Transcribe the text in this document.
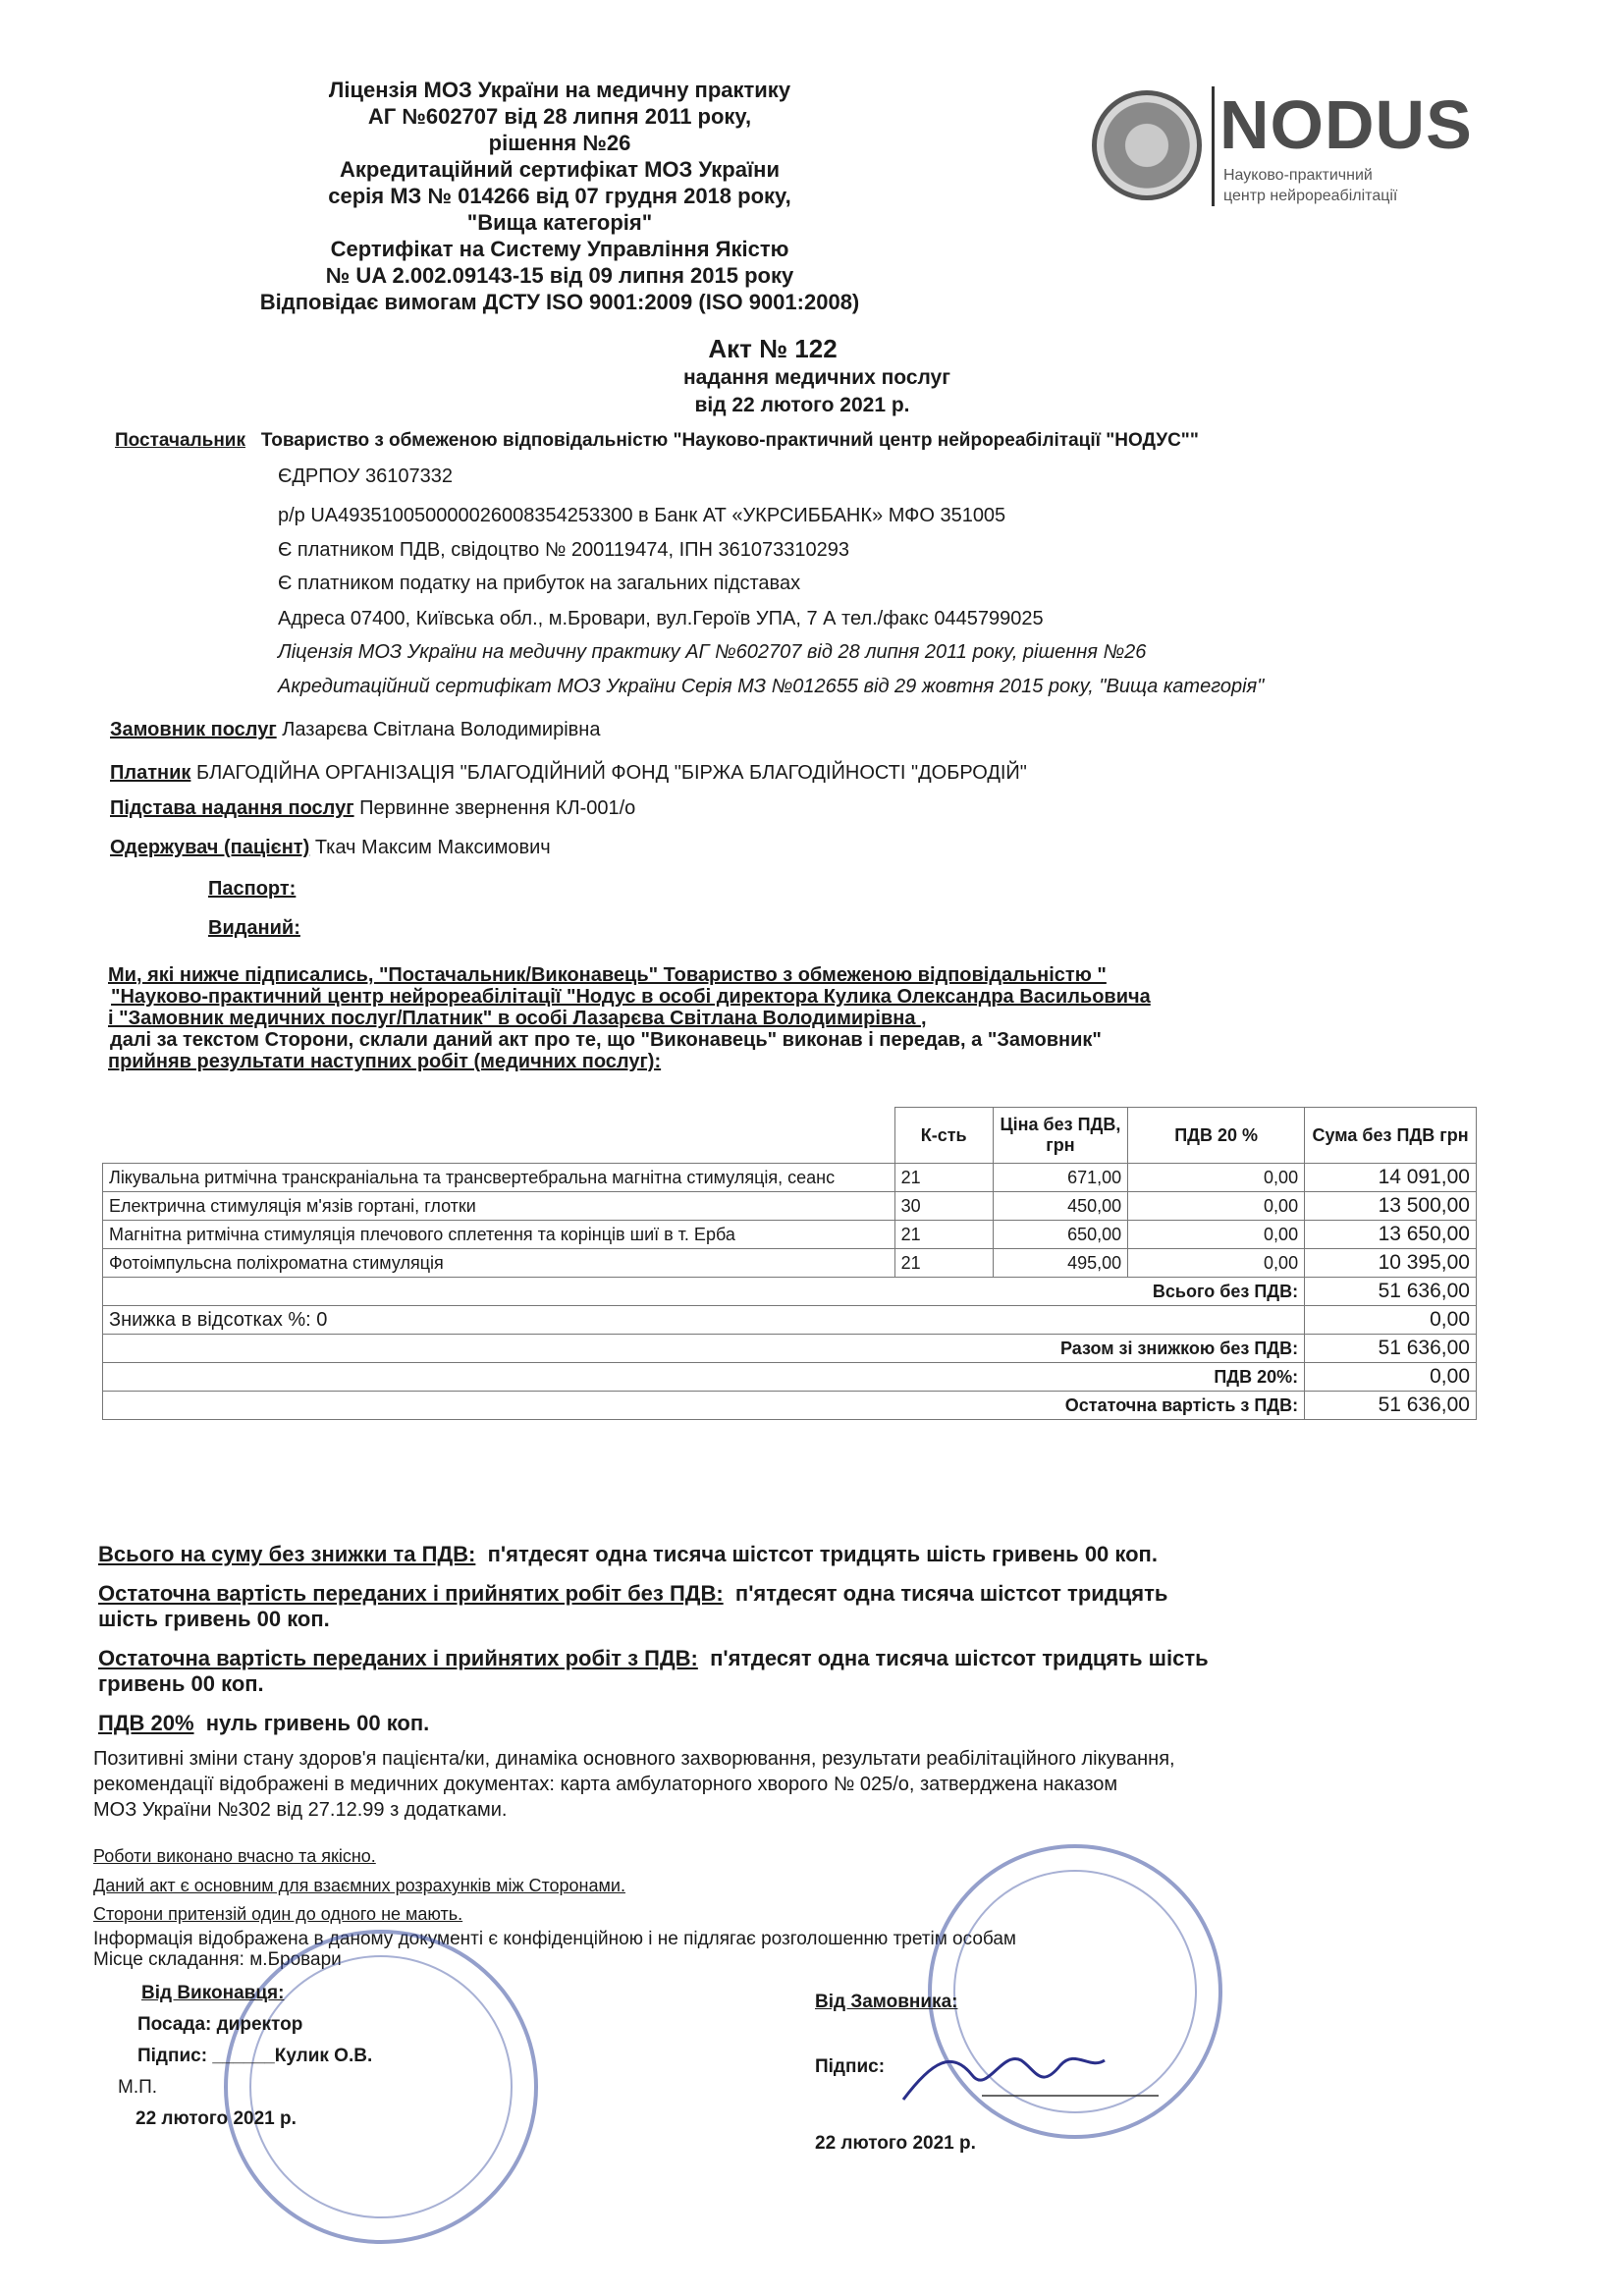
Ліцензія МОЗ України на медичну практику
АГ №602707 від 28 липня 2011 року,
рішення №26
Акредитаційний сертифікат МОЗ України
серія МЗ № 014266 від 07 грудня 2018 року,
"Вища категорія"
Сертифікат на Систему Управління Якістю
№ UA 2.002.09143-15 від 09 липня 2015 року
Відповідає вимогам ДСТУ ISO 9001:2009 (ISO 9001:2008)
NODUS
Науково-практичний
центр нейрореабілітації
Акт № 122
надання медичних послуг
від 22 лютого 2021 р.
Постачальник Товариство з обмеженою відповідальністю "Науково-практичний центр нейрореабілітації "НОДУС""
ЄДРПОУ 36107332
р/р UA493510050000026008354253300 в Банк АТ «УКРСИББАНК» МФО 351005
Є платником ПДВ, свідоцтво № 200119474, ІПН 361073310293
Є платником податку на прибуток на загальних підставах
Адреса 07400, Київська обл., м.Бровари, вул.Героїв УПА, 7 А тел./факс 0445799025
Ліцензія МОЗ України на медичну практику АГ №602707 від 28 липня 2011 року, рішення №26
Акредитаційний сертифікат МОЗ України Серія МЗ №012655 від 29 жовтня 2015 року, "Вища категорія"
Замовник послуг Лазарєва Світлана Володимирівна
Платник БЛАГОДІЙНА ОРГАНІЗАЦІЯ "БЛАГОДІЙНИЙ ФОНД "БІРЖА БЛАГОДІЙНОСТІ "ДОБРОДІЙ"
Підстава надання послуг Первинне звернення КЛ-001/о
Одержувач (пацієнт) Ткач Максим Максимович
Паспорт:
Виданий:
Ми, які нижче підписались, "Постачальник/Виконавець" Товариство з обмеженою відповідальністю "
"Науково-практичний центр нейрореабілітації "Нодус в особі директора Кулика Олександра Васильовича
і "Замовник медичних послуг/Платник" в особі Лазарєва Світлана Володимирівна ,
далі за текстом Сторони, склали даний акт про те, що "Виконавець" виконав і передав, а "Замовник"
прийняв результати наступних робіт (медичних послуг):
	К-сть	Ціна без ПДВ, грн	ПДВ 20 %	Сума без ПДВ грн
Лікувальна ритмічна транскраніальна та трансвертебральна магнітна стимуляція, сеанс	21	671,00	0,00	14 091,00
Електрична стимуляція м'язів гортані, глотки	30	450,00	0,00	13 500,00
Магнітна ритмічна стимуляція плечового сплетення та корінців шиї в т. Ерба	21	650,00	0,00	13 650,00
Фотоімпульсна поліхроматна стимуляція	21	495,00	0,00	10 395,00
Всього без ПДВ:				51 636,00
Знижка в відсотках %: 0				0,00
Разом зі знижкою без ПДВ:				51 636,00
ПДВ 20%:				0,00
Остаточна вартість з ПДВ:				51 636,00
Всього на суму без знижки та ПДВ: п'ятдесят одна тисяча шістсот тридцять шість гривень 00 коп.
Остаточна вартість переданих і прийнятих робіт без ПДВ: п'ятдесят одна тисяча шістсот тридцять
шість гривень 00 коп.
Остаточна вартість переданих і прийнятих робіт з ПДВ: п'ятдесят одна тисяча шістсот тридцять шість
гривень 00 коп.
ПДВ 20% нуль гривень 00 коп.
Позитивні зміни стану здоров'я пацієнта/ки, динаміка основного захворювання, результати реабілітаційного лікування,
рекомендації відображені в медичних документах: карта амбулаторного хворого № 025/о, затверджена наказом
МОЗ України №302 від 27.12.99 з додатками.
Роботи виконано вчасно та якісно.
Даний акт є основним для взаємних розрахунків між Сторонами.
Сторони притензій один до одного не мають.
Інформація відображена в даному документі є конфіденційною і не підлягає розголошенню третім особам
Місце складання: м.Бровари
Від Виконавця:
Посада: директор
Підпис: ______Кулик О.В.
М.П.
22 лютого 2021 р.
Від Замовника:
Підпис:
22 лютого 2021 р.
